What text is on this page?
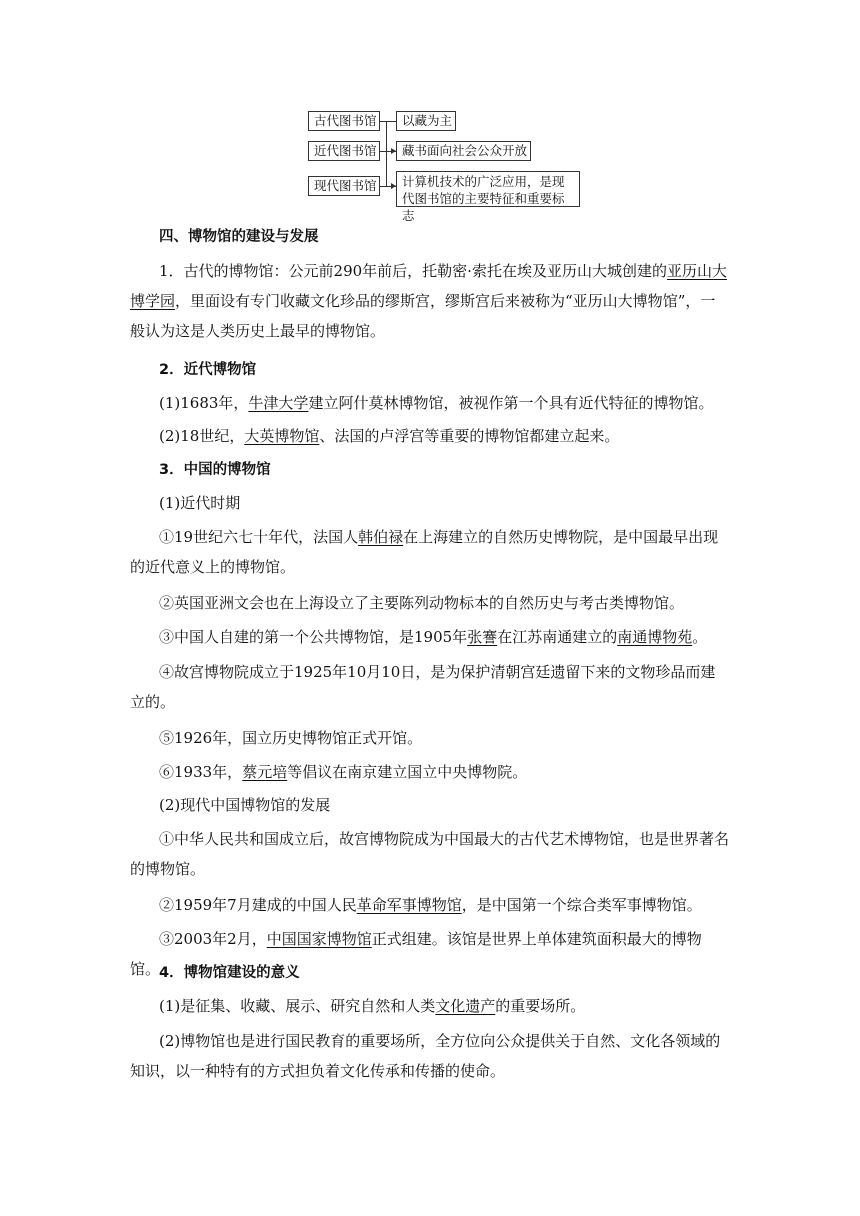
古代图书馆
近代图书馆
现代图书馆
以藏为主
藏书面向社会公众开放
计算机技术的广泛应用，是现代图书馆的主要特征和重要标志
四、博物馆的建设与发展
1．古代的博物馆：公元前290年前后，托勒密·索托在埃及亚历山大城创建的亚历山大博学园，里面设有专门收藏文化珍品的缪斯宫，缪斯宫后来被称为“亚历山大博物馆”，一般认为这是人类历史上最早的博物馆。
2．近代博物馆
(1)1683年，牛津大学建立阿什莫林博物馆，被视作第一个具有近代特征的博物馆。
(2)18世纪，大英博物馆、法国的卢浮宫等重要的博物馆都建立起来。
3．中国的博物馆
(1)近代时期
①19世纪六七十年代，法国人韩伯禄在上海建立的自然历史博物院，是中国最早出现的近代意义上的博物馆。
②英国亚洲文会也在上海设立了主要陈列动物标本的自然历史与考古类博物馆。
③中国人自建的第一个公共博物馆，是1905年张謇在江苏南通建立的南通博物苑。
④故宫博物院成立于1925年10月10日，是为保护清朝宫廷遗留下来的文物珍品而建立的。
⑤1926年，国立历史博物馆正式开馆。
⑥1933年，蔡元培等倡议在南京建立国立中央博物院。
(2)现代中国博物馆的发展
①中华人民共和国成立后，故宫博物院成为中国最大的古代艺术博物馆，也是世界著名的博物馆。
②1959年7月建成的中国人民革命军事博物馆，是中国第一个综合类军事博物馆。
③2003年2月，中国国家博物馆正式组建。该馆是世界上单体建筑面积最大的博物馆。
4．博物馆建设的意义
(1)是征集、收藏、展示、研究自然和人类文化遗产的重要场所。
(2)博物馆也是进行国民教育的重要场所，全方位向公众提供关于自然、文化各领域的知识，以一种特有的方式担负着文化传承和传播的使命。
